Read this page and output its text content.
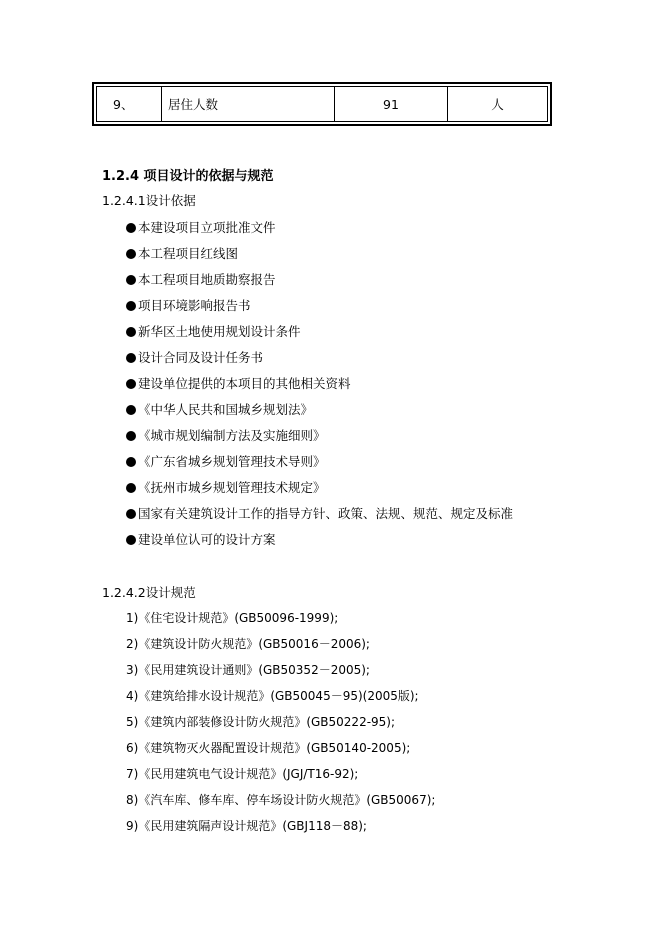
9、	居住人数	91	人
1.2.4 项目设计的依据与规范
1.2.4.1设计依据
本建设项目立项批准文件
本工程项目红线图
本工程项目地质勘察报告
项目环境影响报告书
新华区土地使用规划设计条件
设计合同及设计任务书
建设单位提供的本项目的其他相关资料
《中华人民共和国城乡规划法》
《城市规划编制方法及实施细则》
《广东省城乡规划管理技术导则》
《抚州市城乡规划管理技术规定》
国家有关建筑设计工作的指导方针、政策、法规、规范、规定及标准
建设单位认可的设计方案
1.2.4.2设计规范
1)《住宅设计规范》(GB50096-1999);
2)《建筑设计防火规范》(GB50016－2006);
3)《民用建筑设计通则》(GB50352－2005);
4)《建筑给排水设计规范》(GB50045－95)(2005版);
5)《建筑内部装修设计防火规范》(GB50222-95);
6)《建筑物灭火器配置设计规范》(GB50140-2005);
7)《民用建筑电气设计规范》(JGJ/T16-92);
8)《汽车库、修车库、停车场设计防火规范》(GB50067);
9)《民用建筑隔声设计规范》(GBJ118－88);
